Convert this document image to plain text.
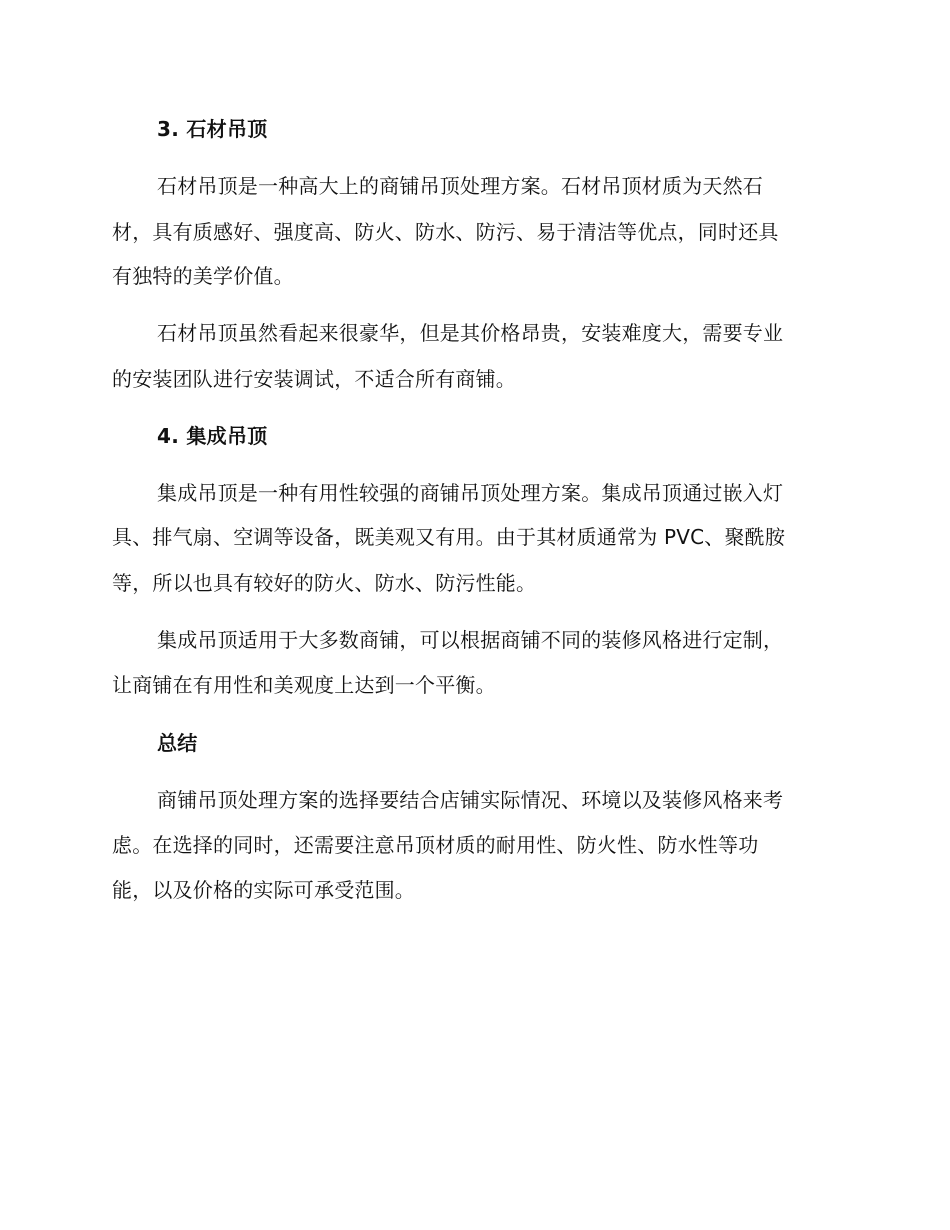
3. 石材吊顶
石材吊顶是一种高大上的商铺吊顶处理方案。石材吊顶材质为天然石
材，具有质感好、强度高、防火、防水、防污、易于清洁等优点，同时还具
有独特的美学价值。
石材吊顶虽然看起来很豪华，但是其价格昂贵，安装难度大，需要专业
的安装团队进行安装调试，不适合所有商铺。
4. 集成吊顶
集成吊顶是一种有用性较强的商铺吊顶处理方案。集成吊顶通过嵌入灯
具、排气扇、空调等设备，既美观又有用。由于其材质通常为 PVC、聚酰胺
等，所以也具有较好的防火、防水、防污性能。
集成吊顶适用于大多数商铺，可以根据商铺不同的装修风格进行定制，
让商铺在有用性和美观度上达到一个平衡。
总结
商铺吊顶处理方案的选择要结合店铺实际情况、环境以及装修风格来考
虑。在选择的同时，还需要注意吊顶材质的耐用性、防火性、防水性等功
能，以及价格的实际可承受范围。
